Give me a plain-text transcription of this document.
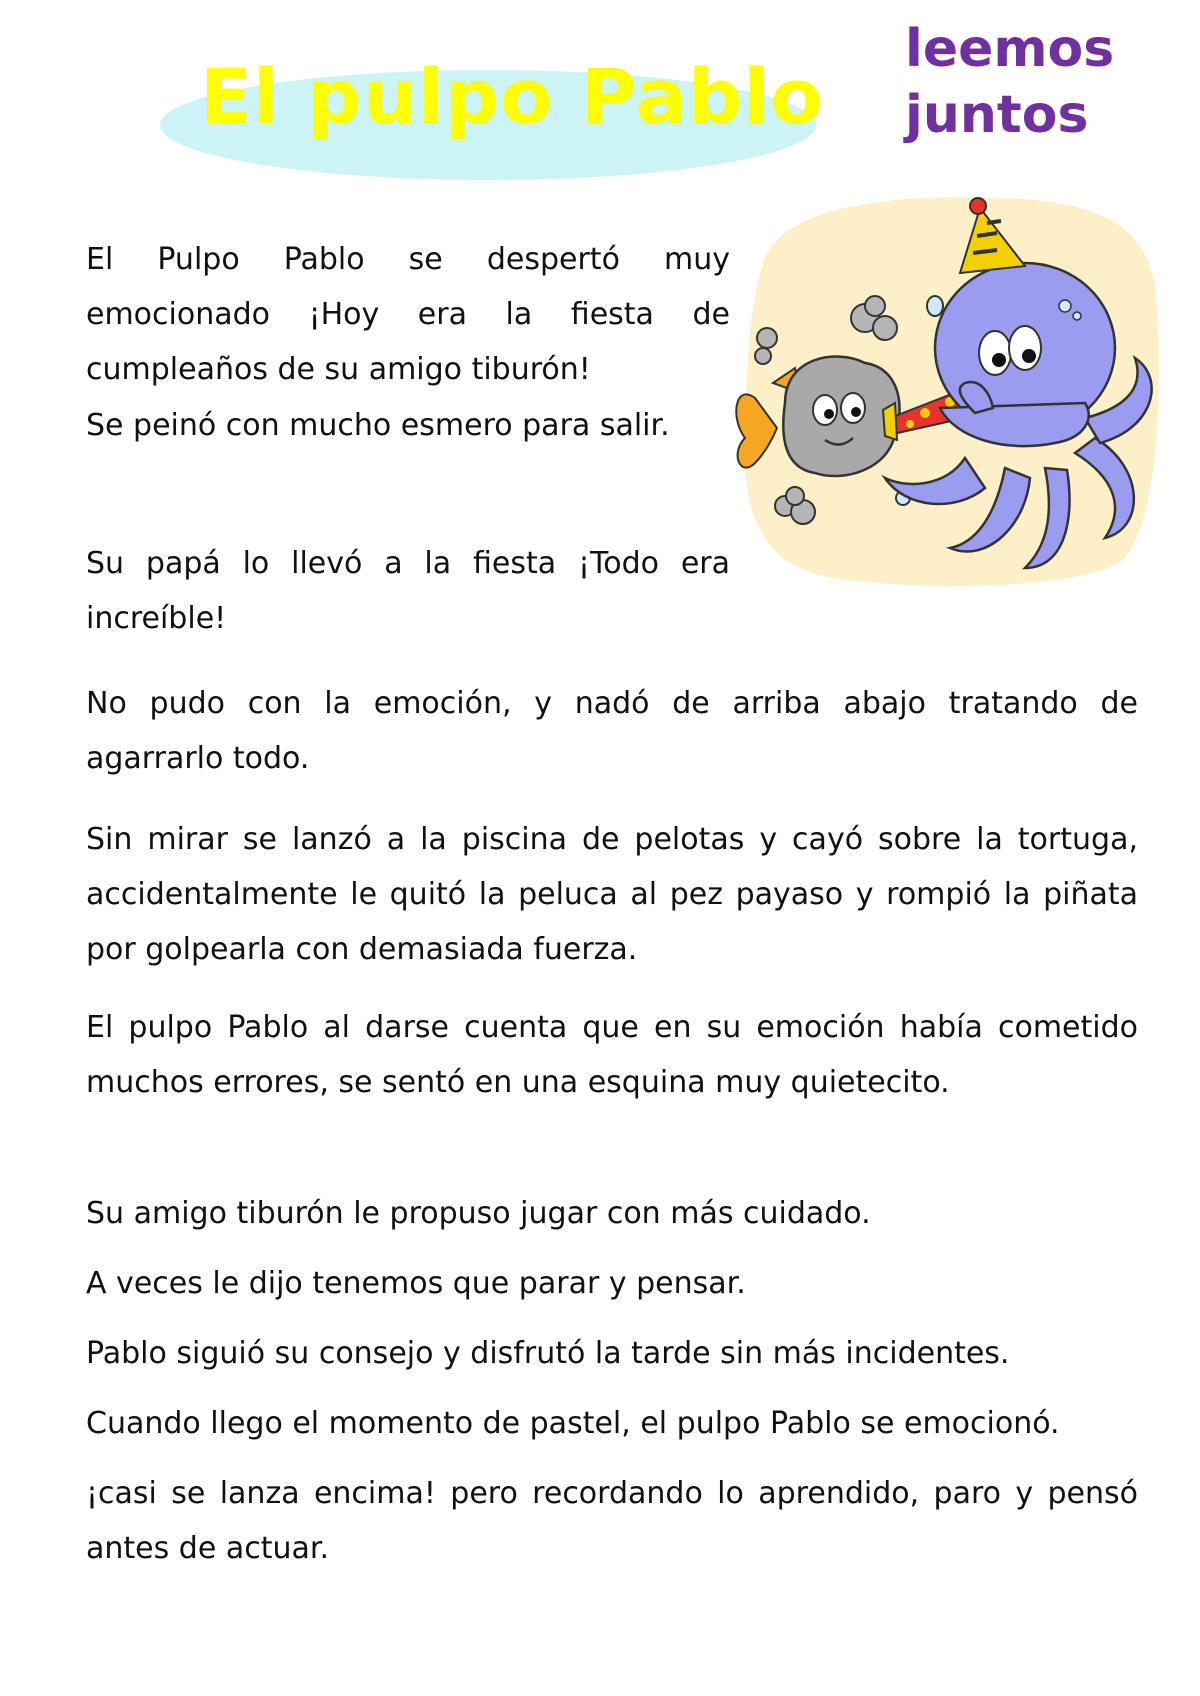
El pulpo Pablo
leemos
juntos

El Pulpo Pablo se despertó muy emocionado ¡Hoy era la fiesta de cumpleaños de su amigo tiburón!

Se peinó con mucho esmero para salir.

Su papá lo llevó a la fiesta ¡Todo era increíble!

No pudo con la emoción, y nadó de arriba abajo tratando de agarrarlo todo.

Sin mirar se lanzó a la piscina de pelotas y cayó sobre la tortuga, accidentalmente le quitó la peluca al pez payaso y rompió la piñata por golpearla con demasiada fuerza.

El pulpo Pablo al darse cuenta que en su emoción había cometido muchos errores, se sentó en una esquina muy quietecito.

Su amigo tiburón le propuso jugar con más cuidado.

A veces le dijo tenemos que parar y pensar.

Pablo siguió su consejo y disfrutó la tarde sin más incidentes.

Cuando llego el momento de pastel, el pulpo Pablo se emocionó.

¡casi se lanza encima! pero recordando lo aprendido, paro y pensó antes de actuar.
